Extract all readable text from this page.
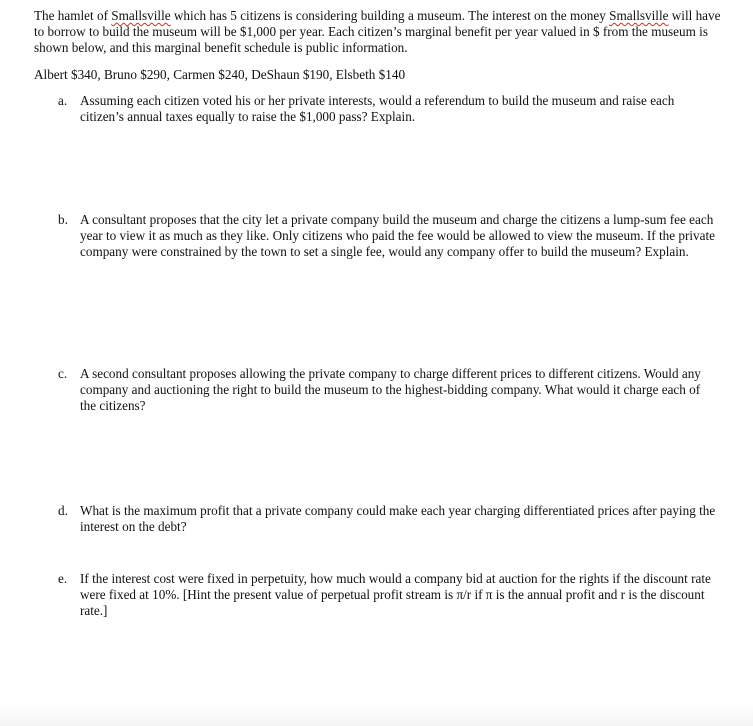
The hamlet of Smallsville which has 5 citizens is considering building a museum. The interest on the money Smallsville will have to borrow to build the museum will be $1,000 per year. Each citizen’s marginal benefit per year valued in $ from the museum is shown below, and this marginal benefit schedule is public information.

Albert $340, Bruno $290, Carmen $240, DeShaun $190, Elsbeth $140

a. Assuming each citizen voted his or her private interests, would a referendum to build the museum and raise each citizen’s annual taxes equally to raise the $1,000 pass? Explain.
b. A consultant proposes that the city let a private company build the museum and charge the citizens a lump-sum fee each year to view it as much as they like. Only citizens who paid the fee would be allowed to view the museum. If the private company were constrained by the town to set a single fee, would any company offer to build the museum? Explain.
c. A second consultant proposes allowing the private company to charge different prices to different citizens. Would any company and auctioning the right to build the museum to the highest-bidding company. What would it charge each of the citizens?
d. What is the maximum profit that a private company could make each year charging differentiated prices after paying the interest on the debt?
e. If the interest cost were fixed in perpetuity, how much would a company bid at auction for the rights if the discount rate were fixed at 10%. [Hint the present value of perpetual profit stream is π/r if π is the annual profit and r is the discount rate.]
